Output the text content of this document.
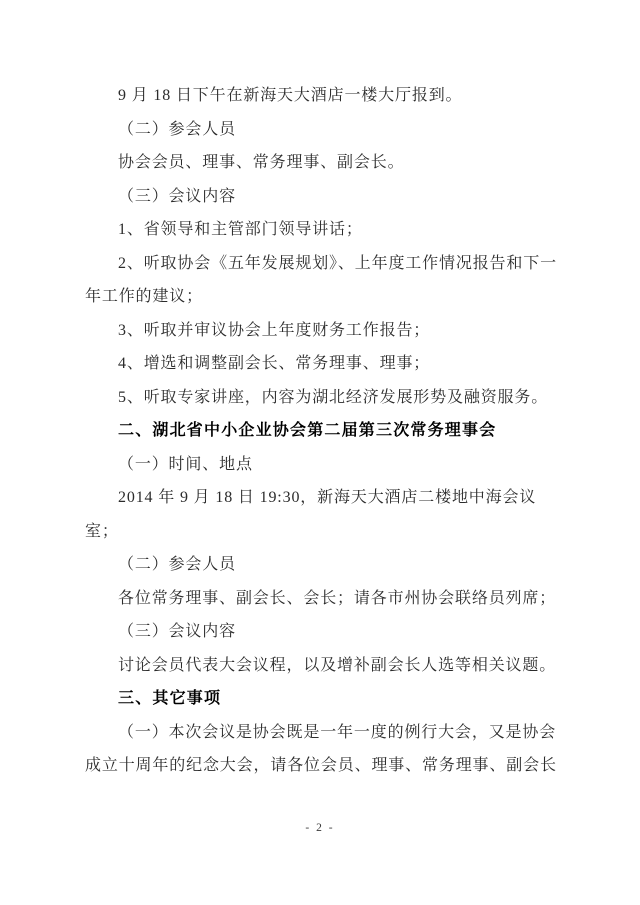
9 月 18 日下午在新海天大酒店一楼大厅报到。

（二）参会人员

协会会员、理事、常务理事、副会长。

（三）会议内容

1、省领导和主管部门领导讲话；

2、听取协会《五年发展规划》、上年度工作情况报告和下一

年工作的建议；

3、听取并审议协会上年度财务工作报告；

4、增选和调整副会长、常务理事、理事；

5、听取专家讲座，内容为湖北经济发展形势及融资服务。

二、湖北省中小企业协会第二届第三次常务理事会

（一）时间、地点

2014 年 9 月 18 日 19:30，新海天大酒店二楼地中海会议

室；

（二）参会人员

各位常务理事、副会长、会长；请各市州协会联络员列席；

（三）会议内容

讨论会员代表大会议程，以及增补副会长人选等相关议题。

三、其它事项

（一）本次会议是协会既是一年一度的例行大会，又是协会

成立十周年的纪念大会，请各位会员、理事、常务理事、副会长

- 2 -
